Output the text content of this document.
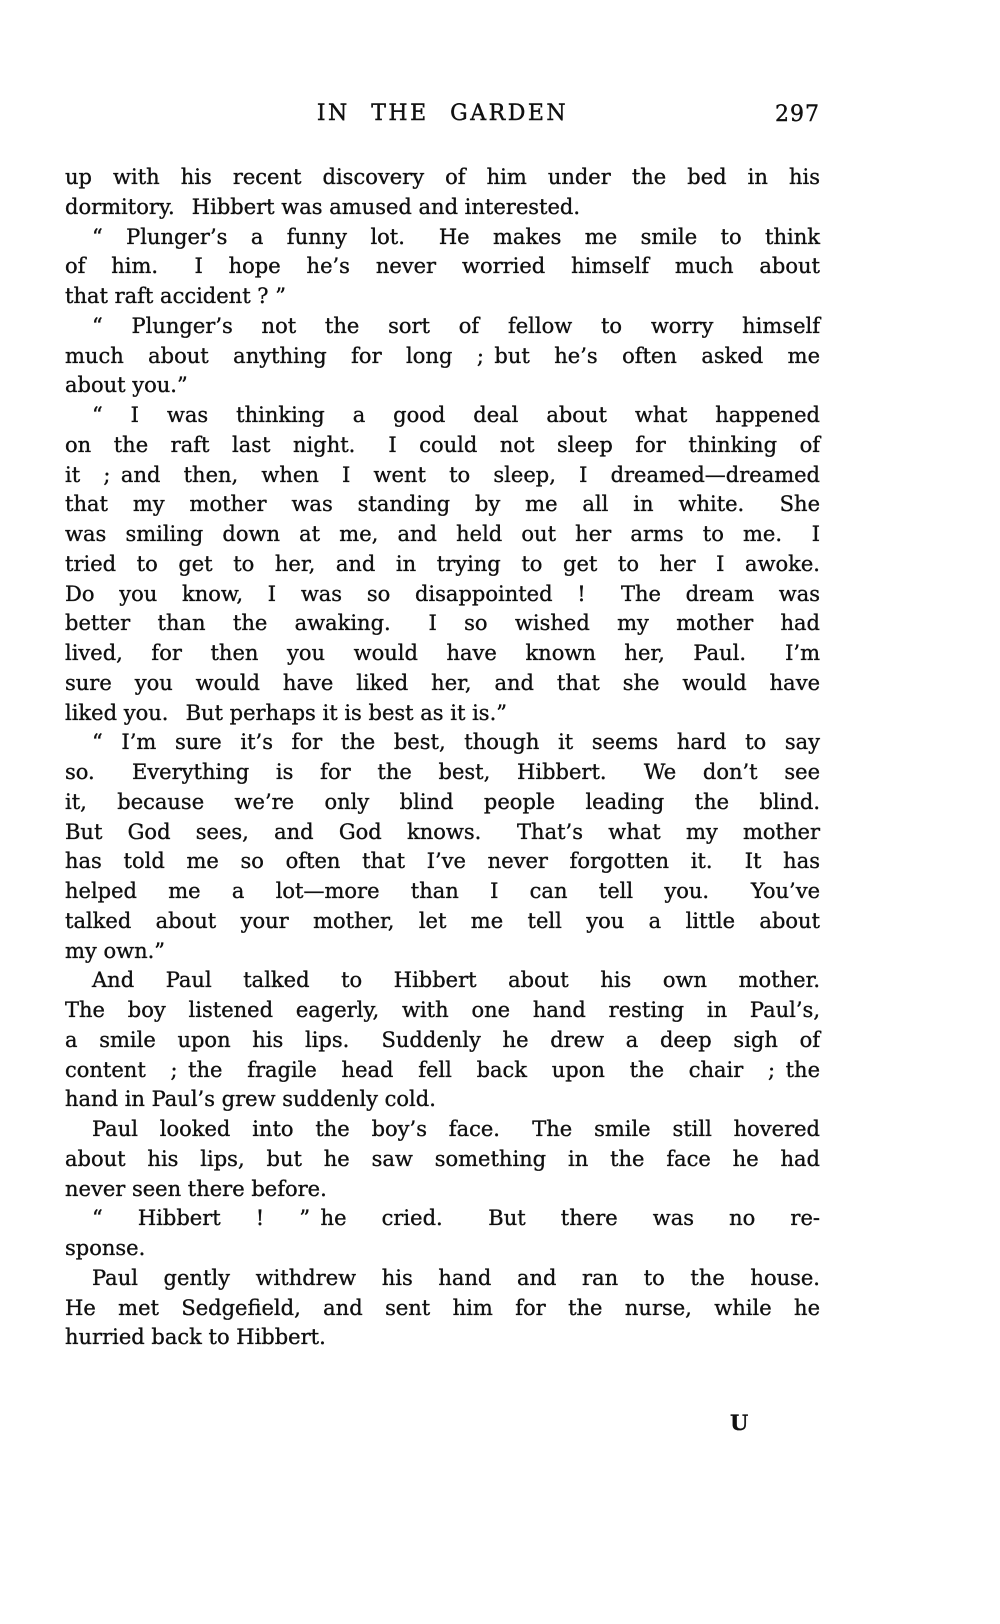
IN THE GARDEN	297
up with his recent discovery of him under the bed in his
dormitory.  Hibbert was amused and interested.
“ Plunger’s a funny lot.  He makes me smile to think
of him.  I hope he’s never worried himself much about
that raft accident ? ”
“ Plunger’s not the sort of fellow to worry himself
much about anything for long ; but he’s often asked me
about you.”
“ I was thinking a good deal about what happened
on the raft last night.  I could not sleep for thinking of
it ; and then, when I went to sleep, I dreamed—dreamed
that my mother was standing by me all in white.  She
was smiling down at me, and held out her arms to me.  I
tried to get to her, and in trying to get to her I awoke.
Do you know, I was so disappointed !  The dream was
better than the awaking.  I so wished my mother had
lived, for then you would have known her, Paul.  I’m
sure you would have liked her, and that she would have
liked you.  But perhaps it is best as it is.”
“ I’m sure it’s for the best, though it seems hard to say
so.  Everything is for the best, Hibbert.  We don’t see
it, because we’re only blind people leading the blind.
But God sees, and God knows.  That’s what my mother
has told me so often that I’ve never forgotten it.  It has
helped me a lot—more than I can tell you.  You’ve
talked about your mother, let me tell you a little about
my own.”
And Paul talked to Hibbert about his own mother.
The boy listened eagerly, with one hand resting in Paul’s,
a smile upon his lips.  Suddenly he drew a deep sigh of
content ; the fragile head fell back upon the chair ; the
hand in Paul’s grew suddenly cold.
Paul looked into the boy’s face.  The smile still hovered
about his lips, but he saw something in the face he had
never seen there before.
“ Hibbert ! ” he cried.  But there was no re-
sponse.
Paul gently withdrew his hand and ran to the house.
He met Sedgefield, and sent him for the nurse, while he
hurried back to Hibbert.
U
